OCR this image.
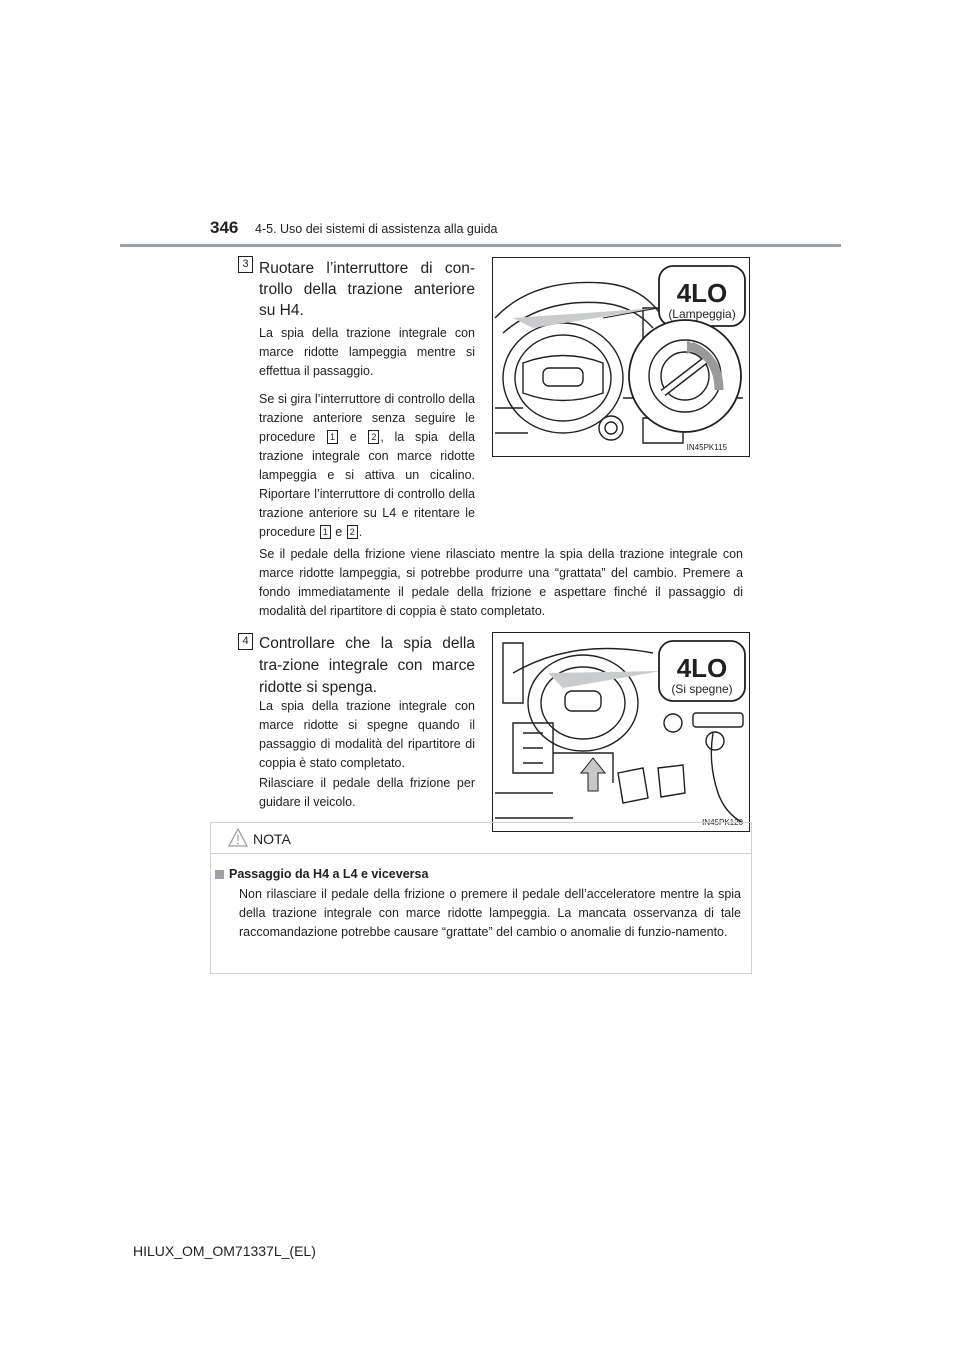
346 4-5. Uso dei sistemi di assistenza alla guida
3 Ruotare l’interruttore di con-trollo della trazione anteriore su H4.
La spia della trazione integrale con marce ridotte lampeggia mentre si effettua il passaggio.
Se si gira l’interruttore di controllo della trazione anteriore senza seguire le procedure 1 e 2 , la spia della trazione integrale con marce ridotte lampeggia e si attiva un cicalino. Riportare l’interruttore di controllo della trazione anteriore su L4 e ritentare le procedure 1 e 2 .
Se il pedale della frizione viene rilasciato mentre la spia della trazione integrale con marce ridotte lampeggia, si potrebbe produrre una “grattata” del cambio. Premere a fondo immediatamente il pedale della frizione e aspettare finché il passaggio di modalità del ripartitore di coppia è stato completato.
4LO
(Lampeggia)
IN45PK115
4 Controllare che la spia della tra-zione integrale con marce ridotte si spenga.
La spia della trazione integrale con marce ridotte si spegne quando il passaggio di modalità del ripartitore di coppia è stato completato.
Rilasciare il pedale della frizione per guidare il veicolo.
4LO
(Si spegne)
IN45PK120
NOTA
Passaggio da H4 a L4 e viceversa
Non rilasciare il pedale della frizione o premere il pedale dell’acceleratore mentre la spia della trazione integrale con marce ridotte lampeggia. La mancata osservanza di tale raccomandazione potrebbe causare “grattate” del cambio o anomalie di funzio-namento.
HILUX_OM_OM71337L_(EL)
